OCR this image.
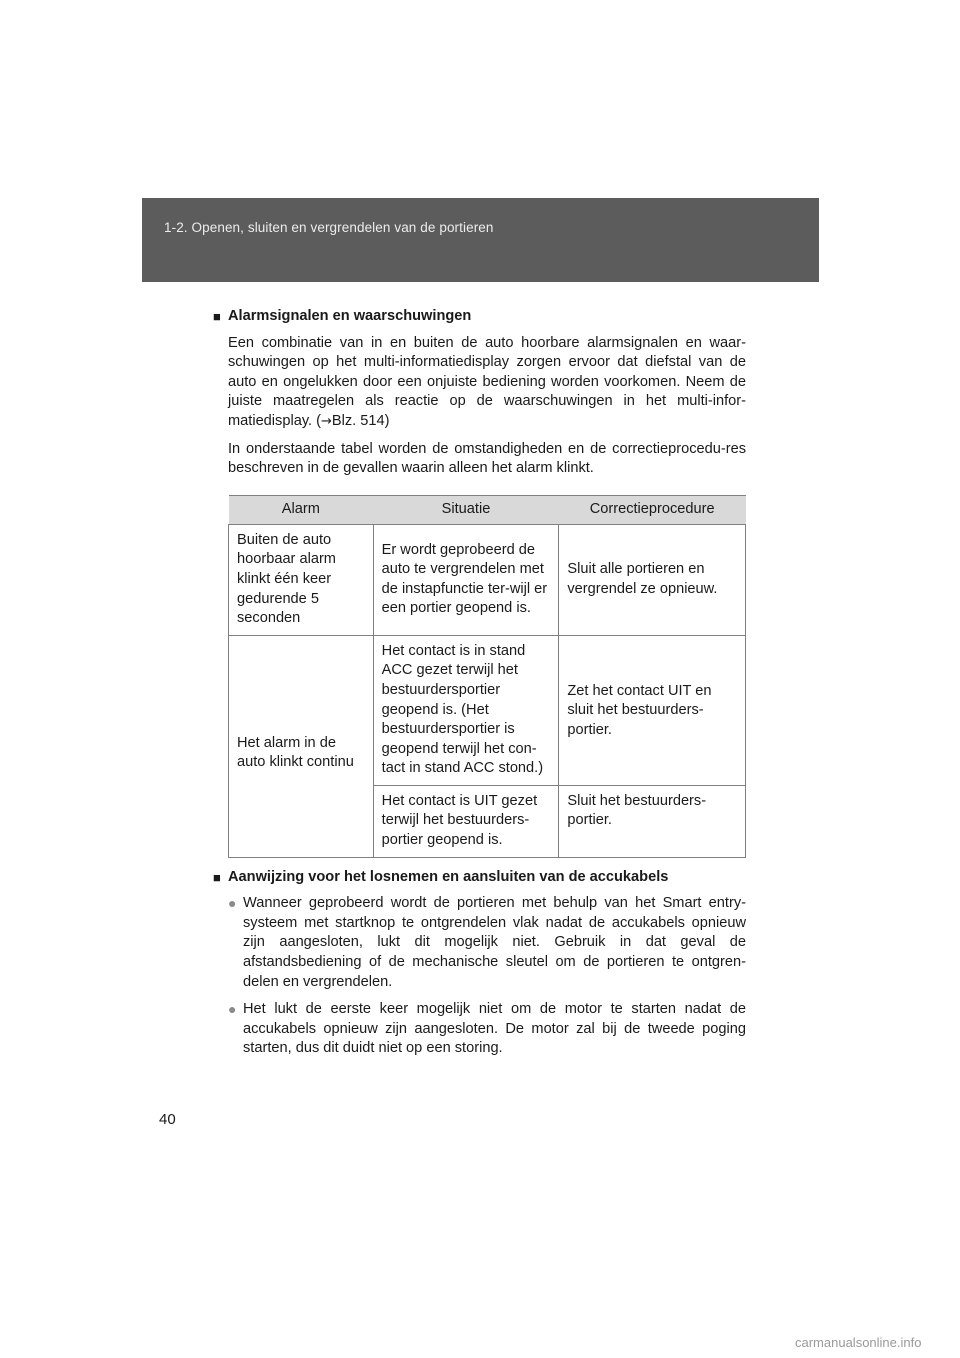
1-2. Openen, sluiten en vergrendelen van de portieren
■ Alarmsignalen en waarschuwingen

Een combinatie van in en buiten de auto hoorbare alarmsignalen en waar-schuwingen op het multi-informatiedisplay zorgen ervoor dat diefstal van de auto en ongelukken door een onjuiste bediening worden voorkomen. Neem de juiste maatregelen als reactie op de waarschuwingen in het multi-infor-matiedisplay. (→Blz. 514)

In onderstaande tabel worden de omstandigheden en de correctieprocedu-res beschreven in de gevallen waarin alleen het alarm klinkt.

Alarm	Situatie	Correctieprocedure
Buiten de auto hoorbaar alarm klinkt één keer gedurende 5 seconden	Er wordt geprobeerd de auto te vergrendelen met de instapfunctie ter-wijl er een portier geopend is.	Sluit alle portieren en vergrendel ze opnieuw.
Het alarm in de auto klinkt continu	Het contact is in stand ACC gezet terwijl het bestuurdersportier geopend is. (Het bestuurdersportier is geopend terwijl het con-tact in stand ACC stond.)	Zet het contact UIT en sluit het bestuurders-portier.
	Het contact is UIT gezet terwijl het bestuurders-portier geopend is.	Sluit het bestuurders-portier.
■ Aanwijzing voor het losnemen en aansluiten van de accukabels
● Wanneer geprobeerd wordt de portieren met behulp van het Smart entry-systeem met startknop te ontgrendelen vlak nadat de accukabels opnieuw zijn aangesloten, lukt dit mogelijk niet. Gebruik in dat geval de afstandsbediening of de mechanische sleutel om de portieren te ontgren-delen en vergrendelen.
● Het lukt de eerste keer mogelijk niet om de motor te starten nadat de accukabels opnieuw zijn aangesloten. De motor zal bij de tweede poging starten, dus dit duidt niet op een storing.
40
carmanualsonline.info
